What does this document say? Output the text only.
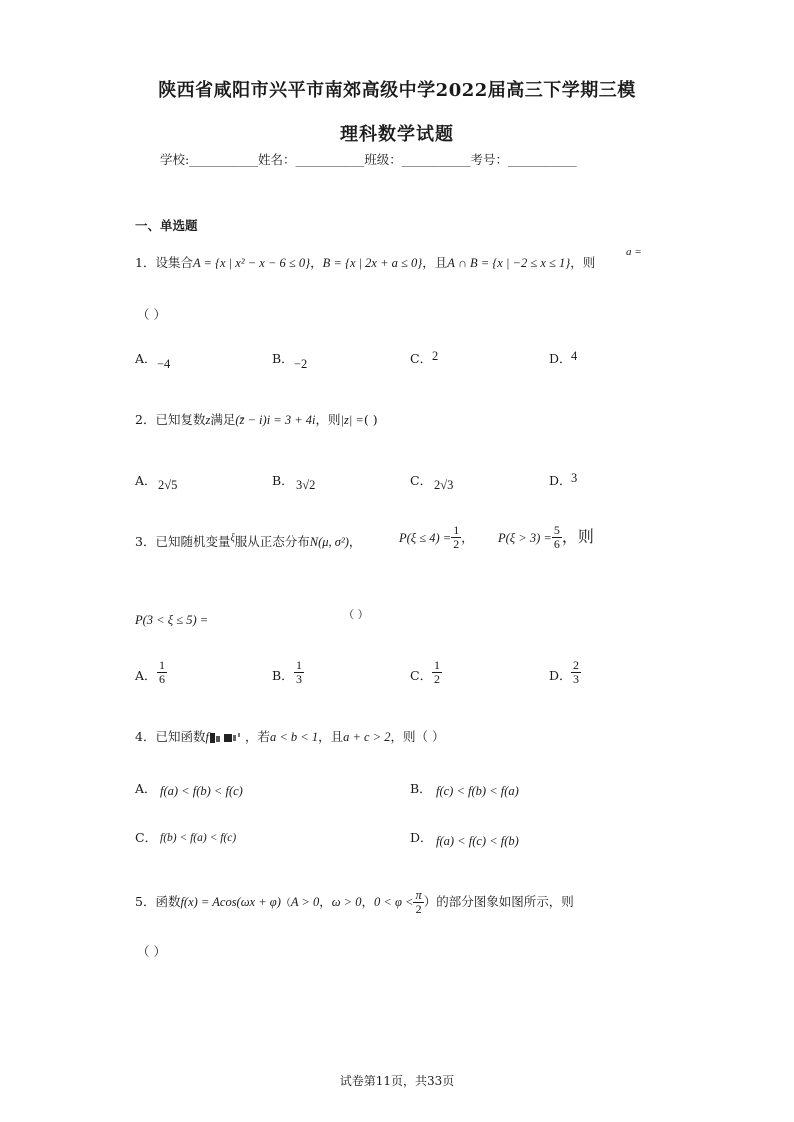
陕西省咸阳市兴平市南郊高级中学2022届高三下学期三模
理科数学试题
学校:___________姓名：___________班级：___________考号：___________
一、单选题
1．设集合A = {x | x² − x − 6 ≤ 0}，B = {x | 2x + a ≤ 0}，且A ∩ B = {x | −2 ≤ x ≤ 1}，则
a =
（ ）
A． −4	B． −2	C． 2	D． 4
2．已知复数z满足(z̄ − i)i = 3 + 4i，则|z| =( )
A． 2√5	B． 3√2	C． 2√3	D． 3
3．已知随机变量$^\xi$服从正态分布N(μ, σ²)，	$P(\xi \le 4) = \frac{1}{2}$ ， $P(\xi > 3) = \frac{5}{6}$ ，则
P(3 < ξ ≤ 5) =	（ ）
A． $\frac{1}{6}$	B． $\frac{1}{3}$	C． $\frac{1}{2}$	D． $\frac{2}{3}$
4．已知函数f	，若a < b < 1，且a + c > 2，则（ ）
A． f(a) < f(b) < f(c)	B． f(c) < f(b) < f(a)
C． f(b) < f(a) < f(c)	D． f(a) < f(c) < f(b)
5．函数f(x) = Acos(ωx + φ)（A > 0，ω > 0，$0 < \varphi < \frac{\pi}{2}$ ）的部分图象如图所示，则
（ ）
试卷第11页，共33页
